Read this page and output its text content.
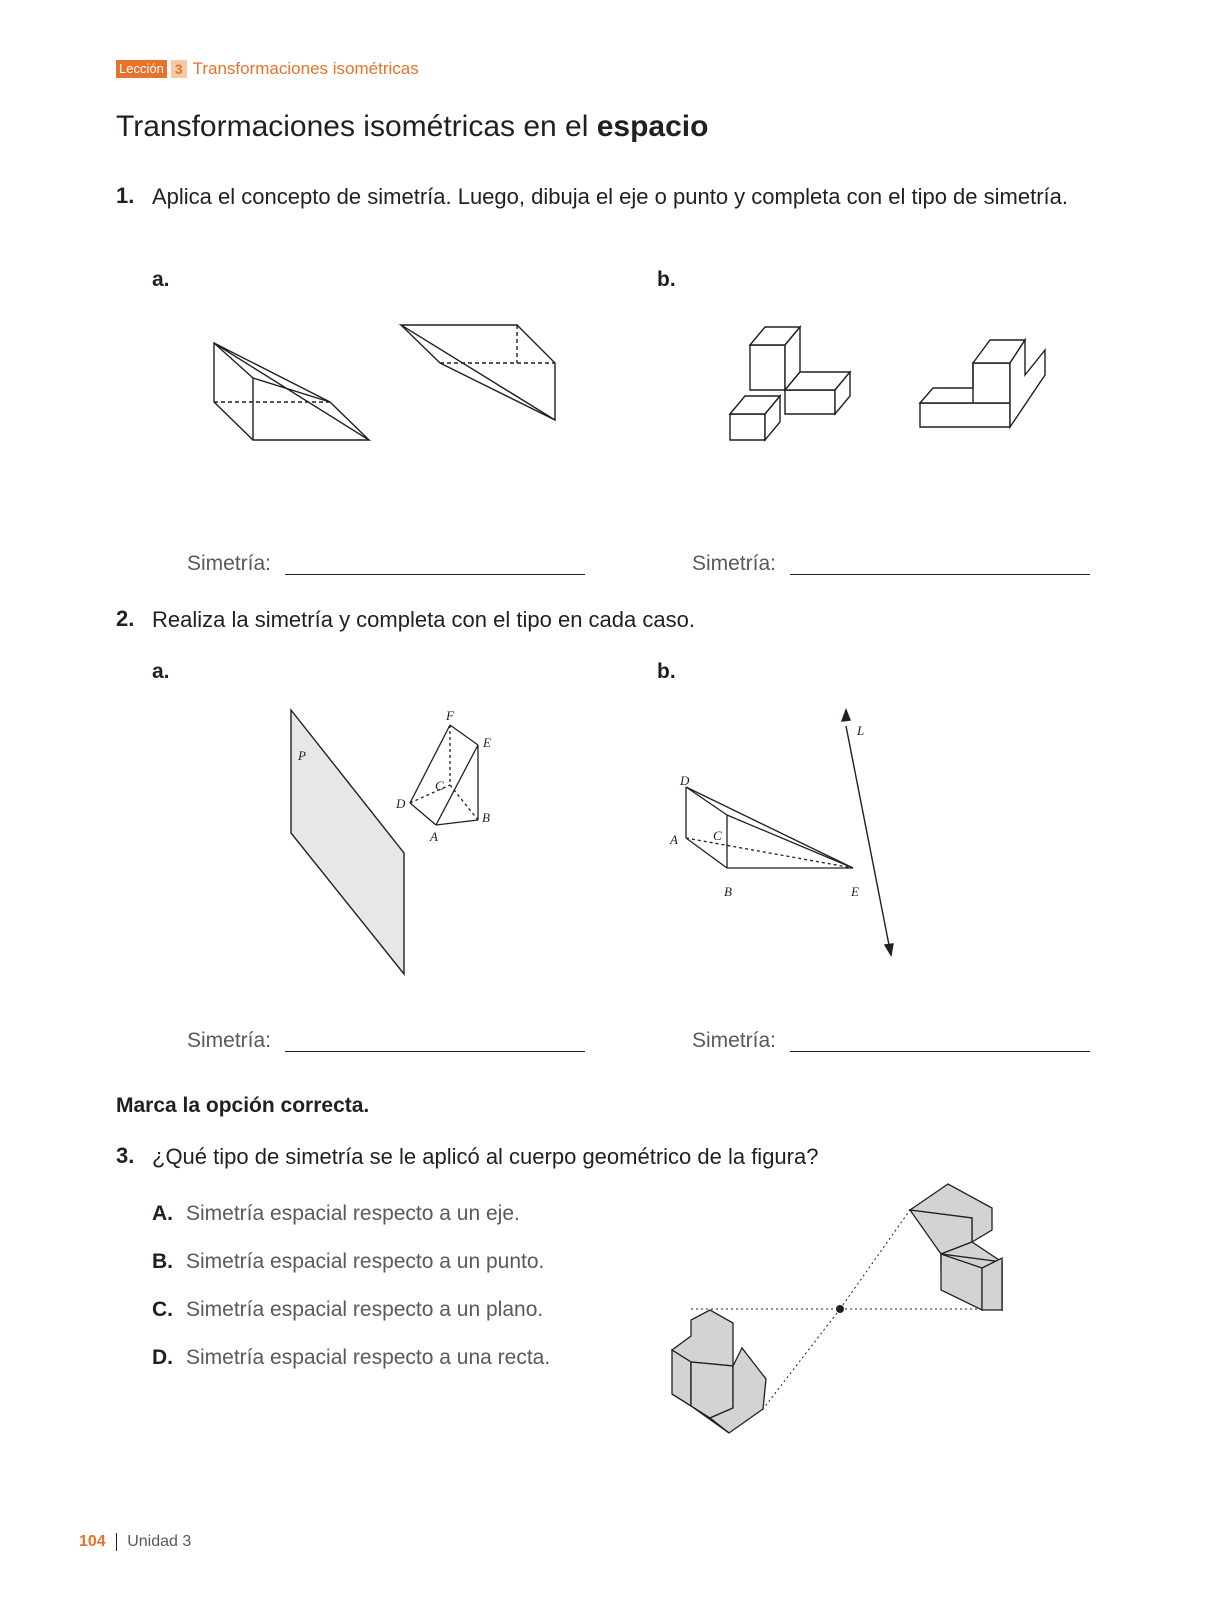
Lección 3 Transformaciones isométricas
Transformaciones isométricas en el espacio
1. Aplica el concepto de simetría. Luego, dibuja el eje o punto y completa con el tipo de simetría.
a.	b.
Simetría:	Simetría:
2. Realiza la simetría y completa con el tipo en cada caso.
a.	b.
P
F
E
C
D
B
A
L
D
A	C
B	E
Simetría:	Simetría:
Marca la opción correcta.
3. ¿Qué tipo de simetría se le aplicó al cuerpo geométrico de la figura?
A. Simetría espacial respecto a un eje.
B. Simetría espacial respecto a un punto.
C. Simetría espacial respecto a un plano.
D. Simetría espacial respecto a una recta.
104 Unidad 3
